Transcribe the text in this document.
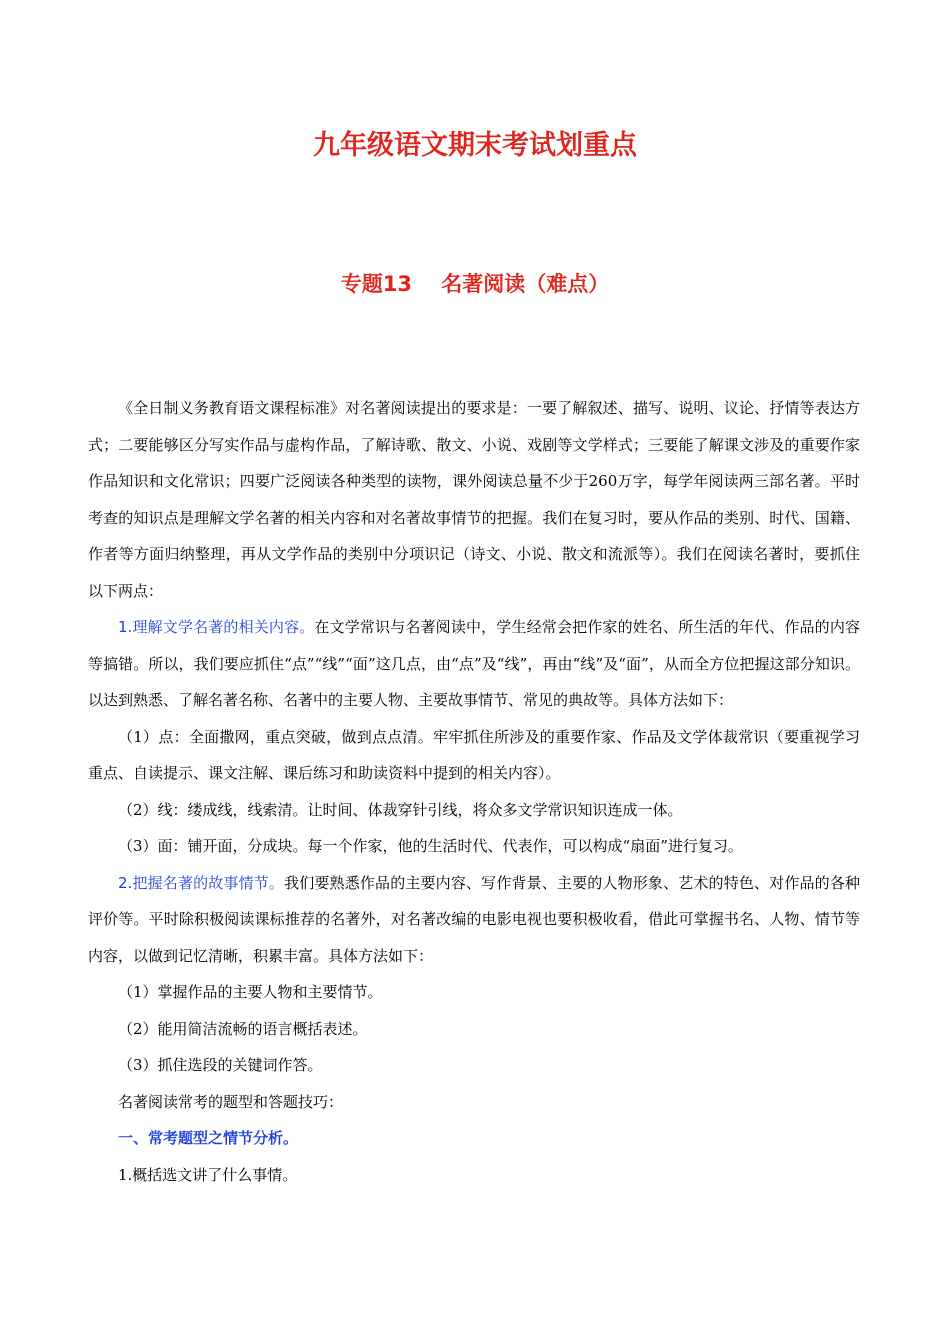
九年级语文期末考试划重点
专题13    名著阅读（难点）

《全日制义务教育语文课程标准》对名著阅读提出的要求是：一要了解叙述、描写、说明、议论、抒情等表达方式；二要能够区分写实作品与虚构作品，了解诗歌、散文、小说、戏剧等文学样式；三要能了解课文涉及的重要作家作品知识和文化常识；四要广泛阅读各种类型的读物，课外阅读总量不少于260万字，每学年阅读两三部名著。平时考查的知识点是理解文学名著的相关内容和对名著故事情节的把握。我们在复习时，要从作品的类别、时代、国籍、作者等方面归纳整理，再从文学作品的类别中分项识记（诗文、小说、散文和流派等）。我们在阅读名著时，要抓住以下两点：

1.理解文学名著的相关内容。在文学常识与名著阅读中，学生经常会把作家的姓名、所生活的年代、作品的内容等搞错。所以，我们要应抓住“点”“线”“面”这几点，由“点”及“线”，再由“线”及“面”，从而全方位把握这部分知识。以达到熟悉、了解名著名称、名著中的主要人物、主要故事情节、常见的典故等。具体方法如下：

（1）点：全面撒网，重点突破，做到点点清。牢牢抓住所涉及的重要作家、作品及文学体裁常识（要重视学习重点、自读提示、课文注解、课后练习和助读资料中提到的相关内容）。

（2）线：缕成线，线索清。让时间、体裁穿针引线，将众多文学常识知识连成一体。

（3）面：铺开面，分成块。每一个作家，他的生活时代、代表作，可以构成“扇面”进行复习。

2.把握名著的故事情节。我们要熟悉作品的主要内容、写作背景、主要的人物形象、艺术的特色、对作品的各种评价等。平时除积极阅读课标推荐的名著外，对名著改编的电影电视也要积极收看，借此可掌握书名、人物、情节等内容，以做到记忆清晰，积累丰富。具体方法如下：

（1）掌握作品的主要人物和主要情节。

（2）能用简洁流畅的语言概括表述。

（3）抓住选段的关键词作答。

名著阅读常考的题型和答题技巧：

一、常考题型之情节分析。

1.概括选文讲了什么事情。
